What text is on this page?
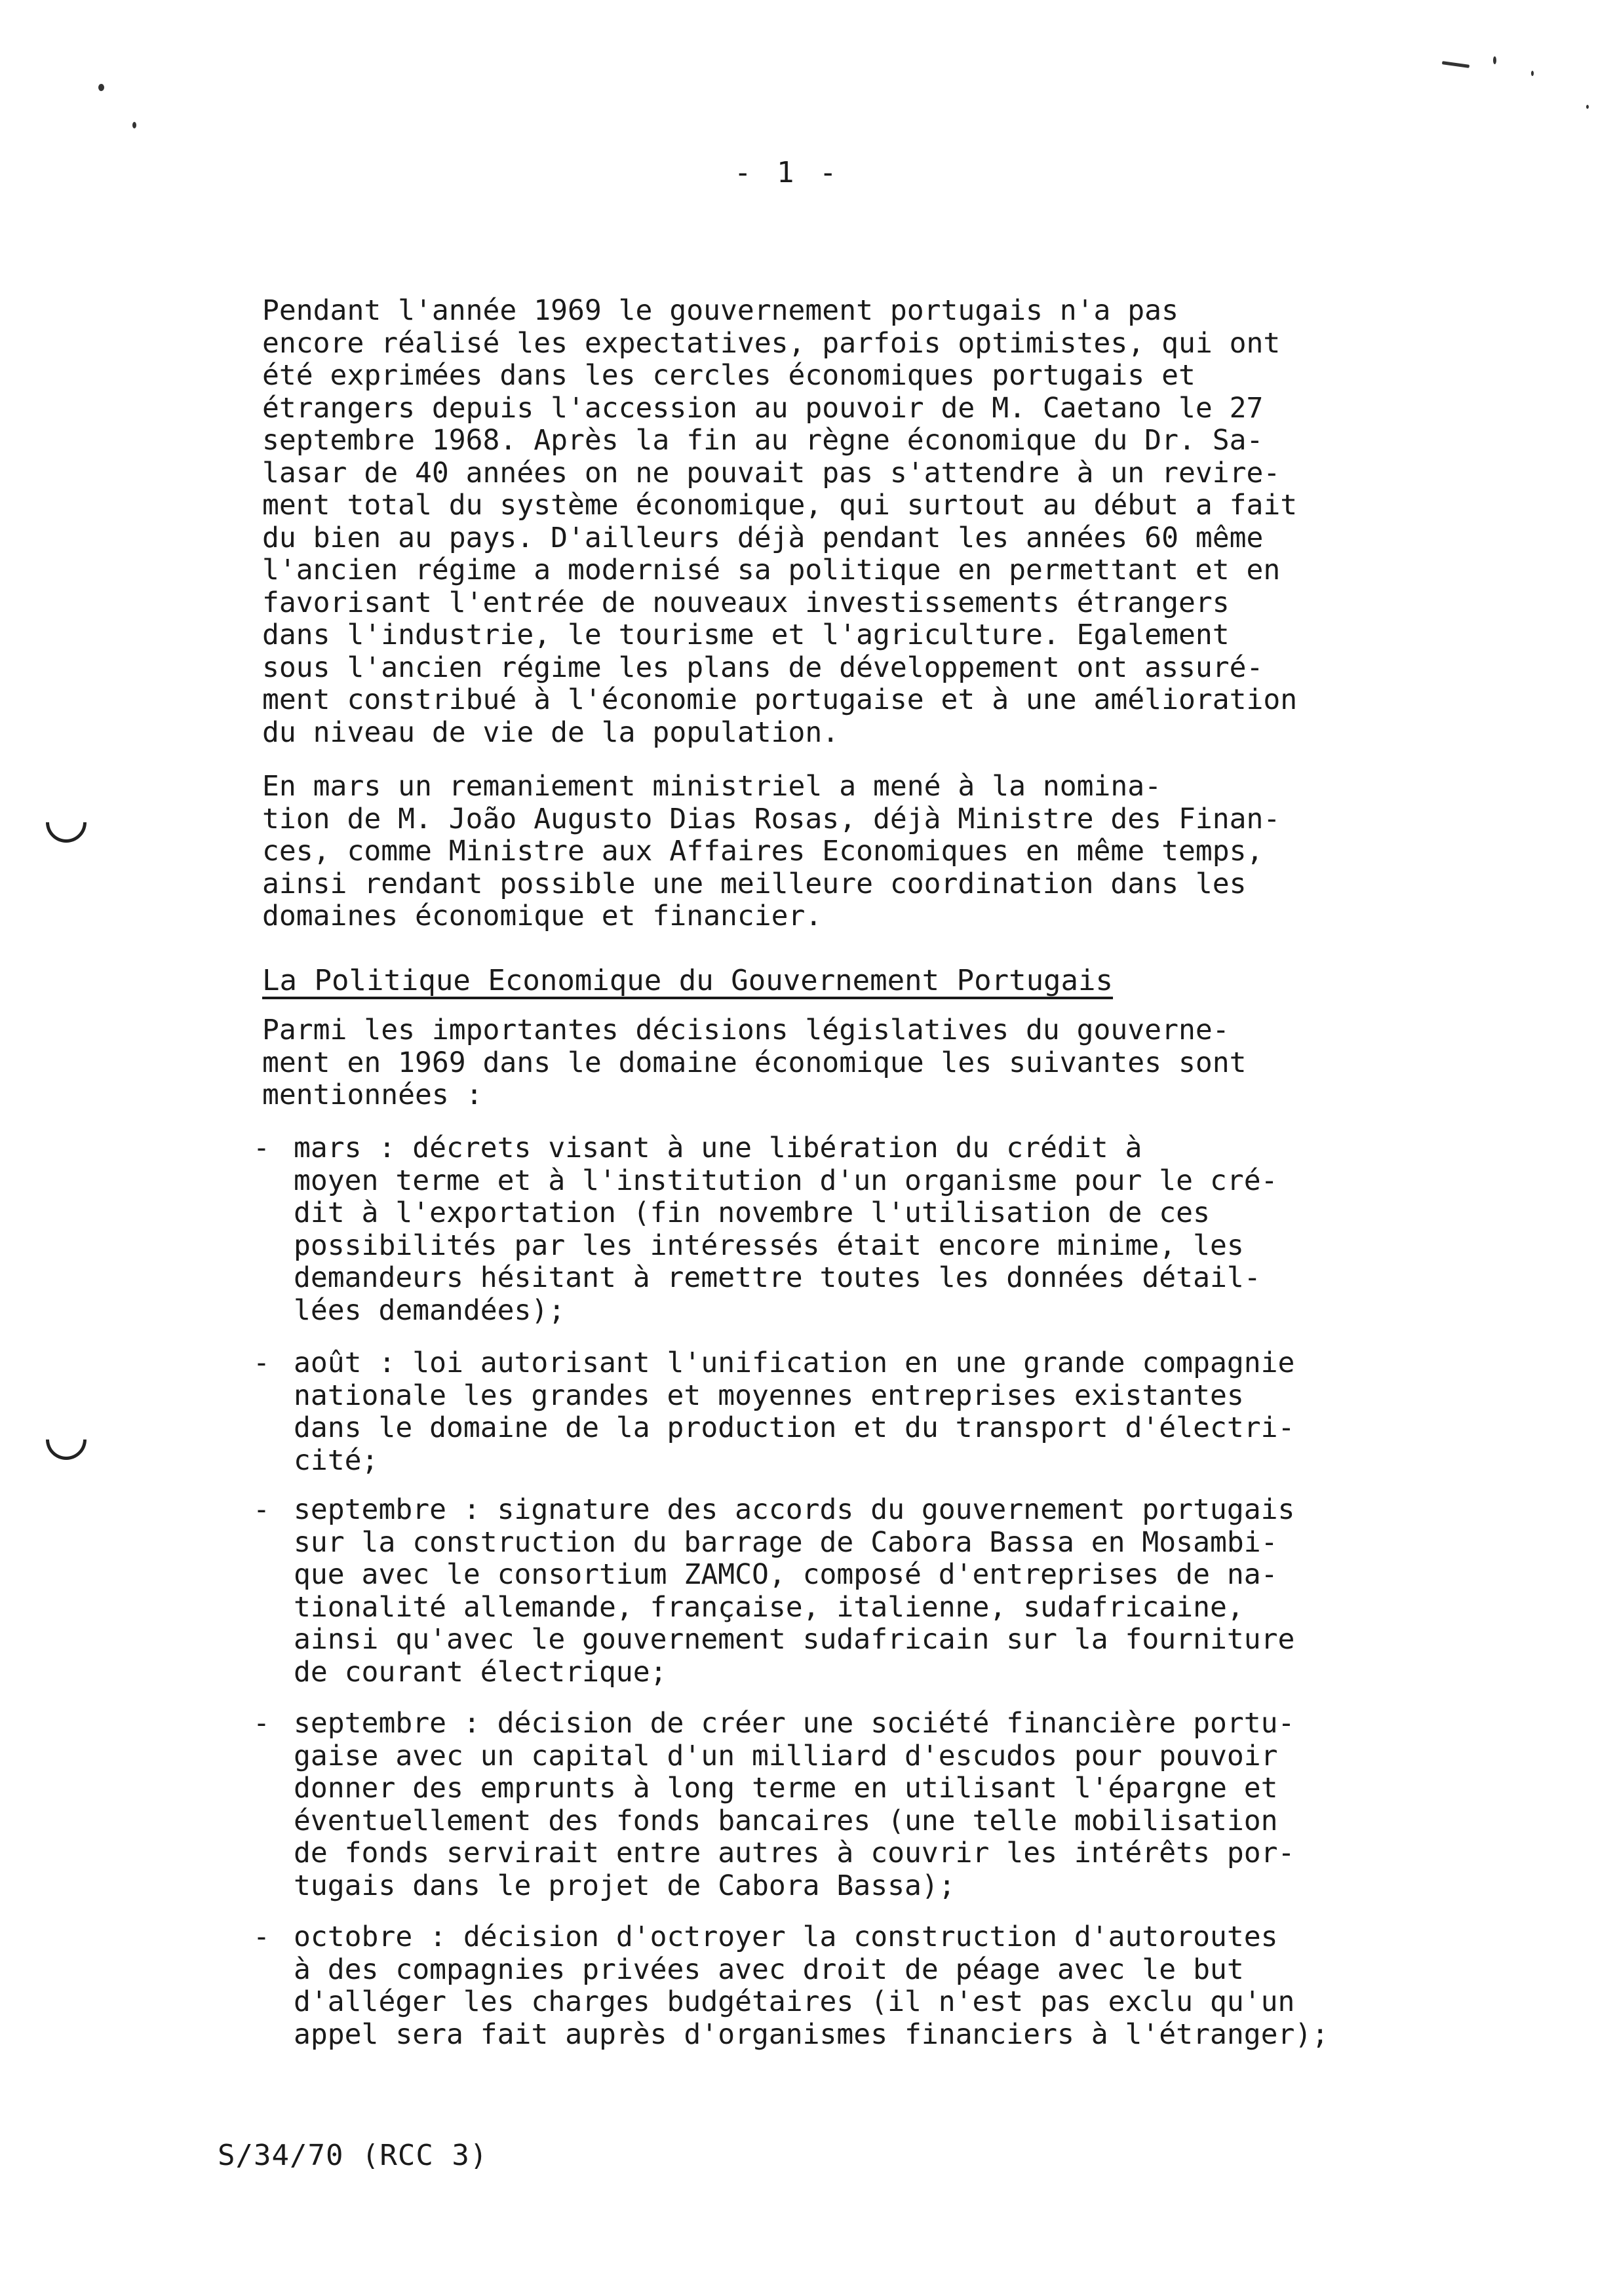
- 1 -

Pendant l'année 1969 le gouvernement portugais n'a pas
encore réalisé les expectatives, parfois optimistes, qui ont
été exprimées dans les cercles économiques portugais et
étrangers depuis l'accession au pouvoir de M. Caetano le 27
septembre 1968. Après la fin au règne économique du Dr. Sa-
lasar de 40 années on ne pouvait pas s'attendre à un revire-
ment total du système économique, qui surtout au début a fait
du bien au pays. D'ailleurs déjà pendant les années 60 même
l'ancien régime a modernisé sa politique en permettant et en
favorisant l'entrée de nouveaux investissements étrangers
dans l'industrie, le tourisme et l'agriculture. Egalement
sous l'ancien régime les plans de développement ont assuré-
ment constribué à l'économie portugaise et à une amélioration
du niveau de vie de la population.

En mars un remaniement ministriel a mené à la nomina-
tion de M. João Augusto Dias Rosas, déjà Ministre des Finan-
ces, comme Ministre aux Affaires Economiques en même temps,
ainsi rendant possible une meilleure coordination dans les
domaines économique et financier.

La Politique Economique du Gouvernement Portugais

Parmi les importantes décisions législatives du gouverne-
ment en 1969 dans le domaine économique les suivantes sont
mentionnées :

- mars : décrets visant à une libération du crédit à
moyen terme et à l'institution d'un organisme pour le cré-
dit à l'exportation (fin novembre l'utilisation de ces
possibilités par les intéressés était encore minime, les
demandeurs hésitant à remettre toutes les données détail-
lées demandées);

- août : loi autorisant l'unification en une grande compagnie
nationale les grandes et moyennes entreprises existantes
dans le domaine de la production et du transport d'électri-
cité;

- septembre : signature des accords du gouvernement portugais
sur la construction du barrage de Cabora Bassa en Mosambi-
que avec le consortium ZAMCO, composé d'entreprises de na-
tionalité allemande, française, italienne, sudafricaine,
ainsi qu'avec le gouvernement sudafricain sur la fourniture
de courant électrique;

- septembre : décision de créer une société financière portu-
gaise avec un capital d'un milliard d'escudos pour pouvoir
donner des emprunts à long terme en utilisant l'épargne et
éventuellement des fonds bancaires (une telle mobilisation
de fonds servirait entre autres à couvrir les intérêts por-
tugais dans le projet de Cabora Bassa);

- octobre : décision d'octroyer la construction d'autoroutes
à des compagnies privées avec droit de péage avec le but
d'alléger les charges budgétaires (il n'est pas exclu qu'un
appel sera fait auprès d'organismes financiers à l'étranger);

S/34/70 (RCC 3)
